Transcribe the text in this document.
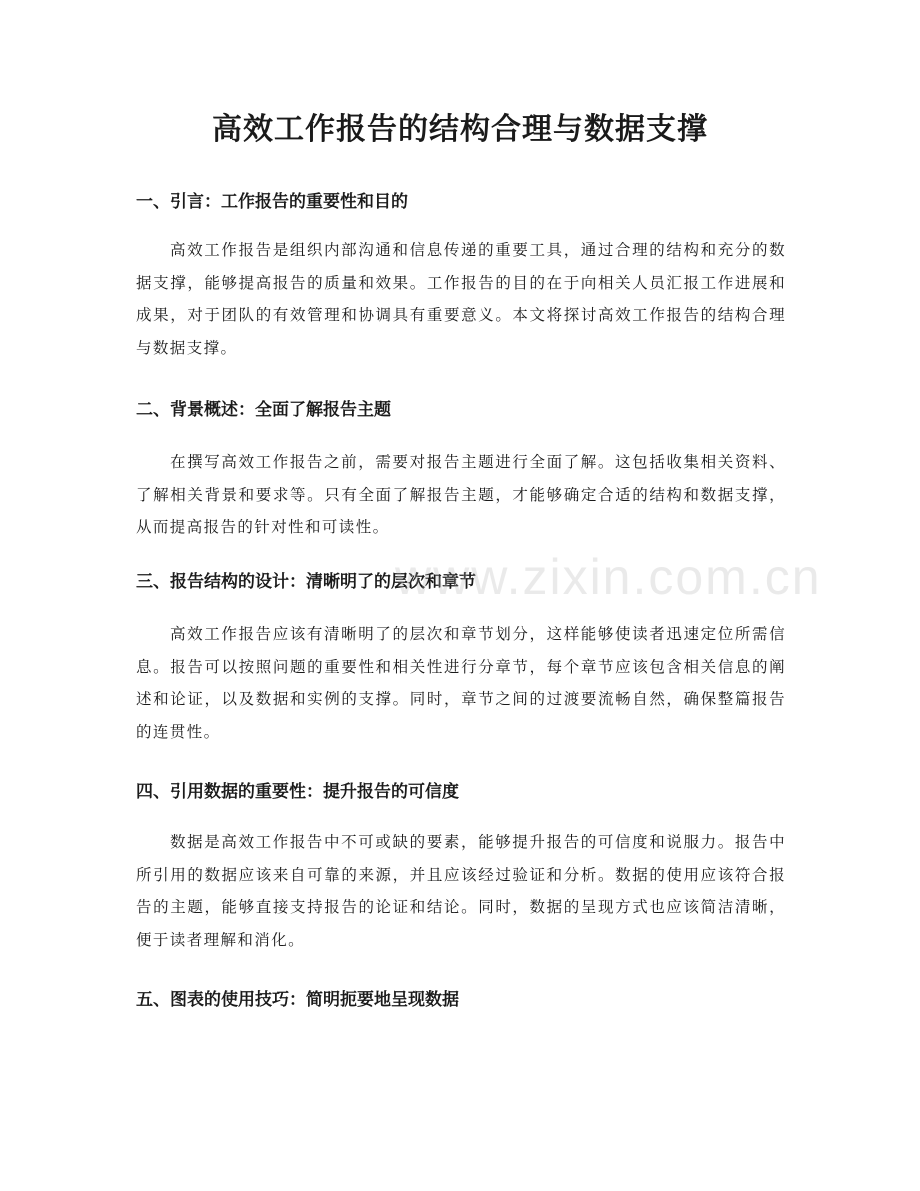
高效工作报告的结构合理与数据支撑
一、引言：工作报告的重要性和目的

高效工作报告是组织内部沟通和信息传递的重要工具，通过合理的结构和充分的数据支撑，能够提高报告的质量和效果。工作报告的目的在于向相关人员汇报工作进展和成果，对于团队的有效管理和协调具有重要意义。本文将探讨高效工作报告的结构合理与数据支撑。

二、背景概述：全面了解报告主题

在撰写高效工作报告之前，需要对报告主题进行全面了解。这包括收集相关资料、了解相关背景和要求等。只有全面了解报告主题，才能够确定合适的结构和数据支撑，从而提高报告的针对性和可读性。

三、报告结构的设计：清晰明了的层次和章节

高效工作报告应该有清晰明了的层次和章节划分，这样能够使读者迅速定位所需信息。报告可以按照问题的重要性和相关性进行分章节，每个章节应该包含相关信息的阐述和论证，以及数据和实例的支撑。同时，章节之间的过渡要流畅自然，确保整篇报告的连贯性。

四、引用数据的重要性：提升报告的可信度

数据是高效工作报告中不可或缺的要素，能够提升报告的可信度和说服力。报告中所引用的数据应该来自可靠的来源，并且应该经过验证和分析。数据的使用应该符合报告的主题，能够直接支持报告的论证和结论。同时，数据的呈现方式也应该简洁清晰，便于读者理解和消化。

五、图表的使用技巧：简明扼要地呈现数据
www.zixin.com.cn
